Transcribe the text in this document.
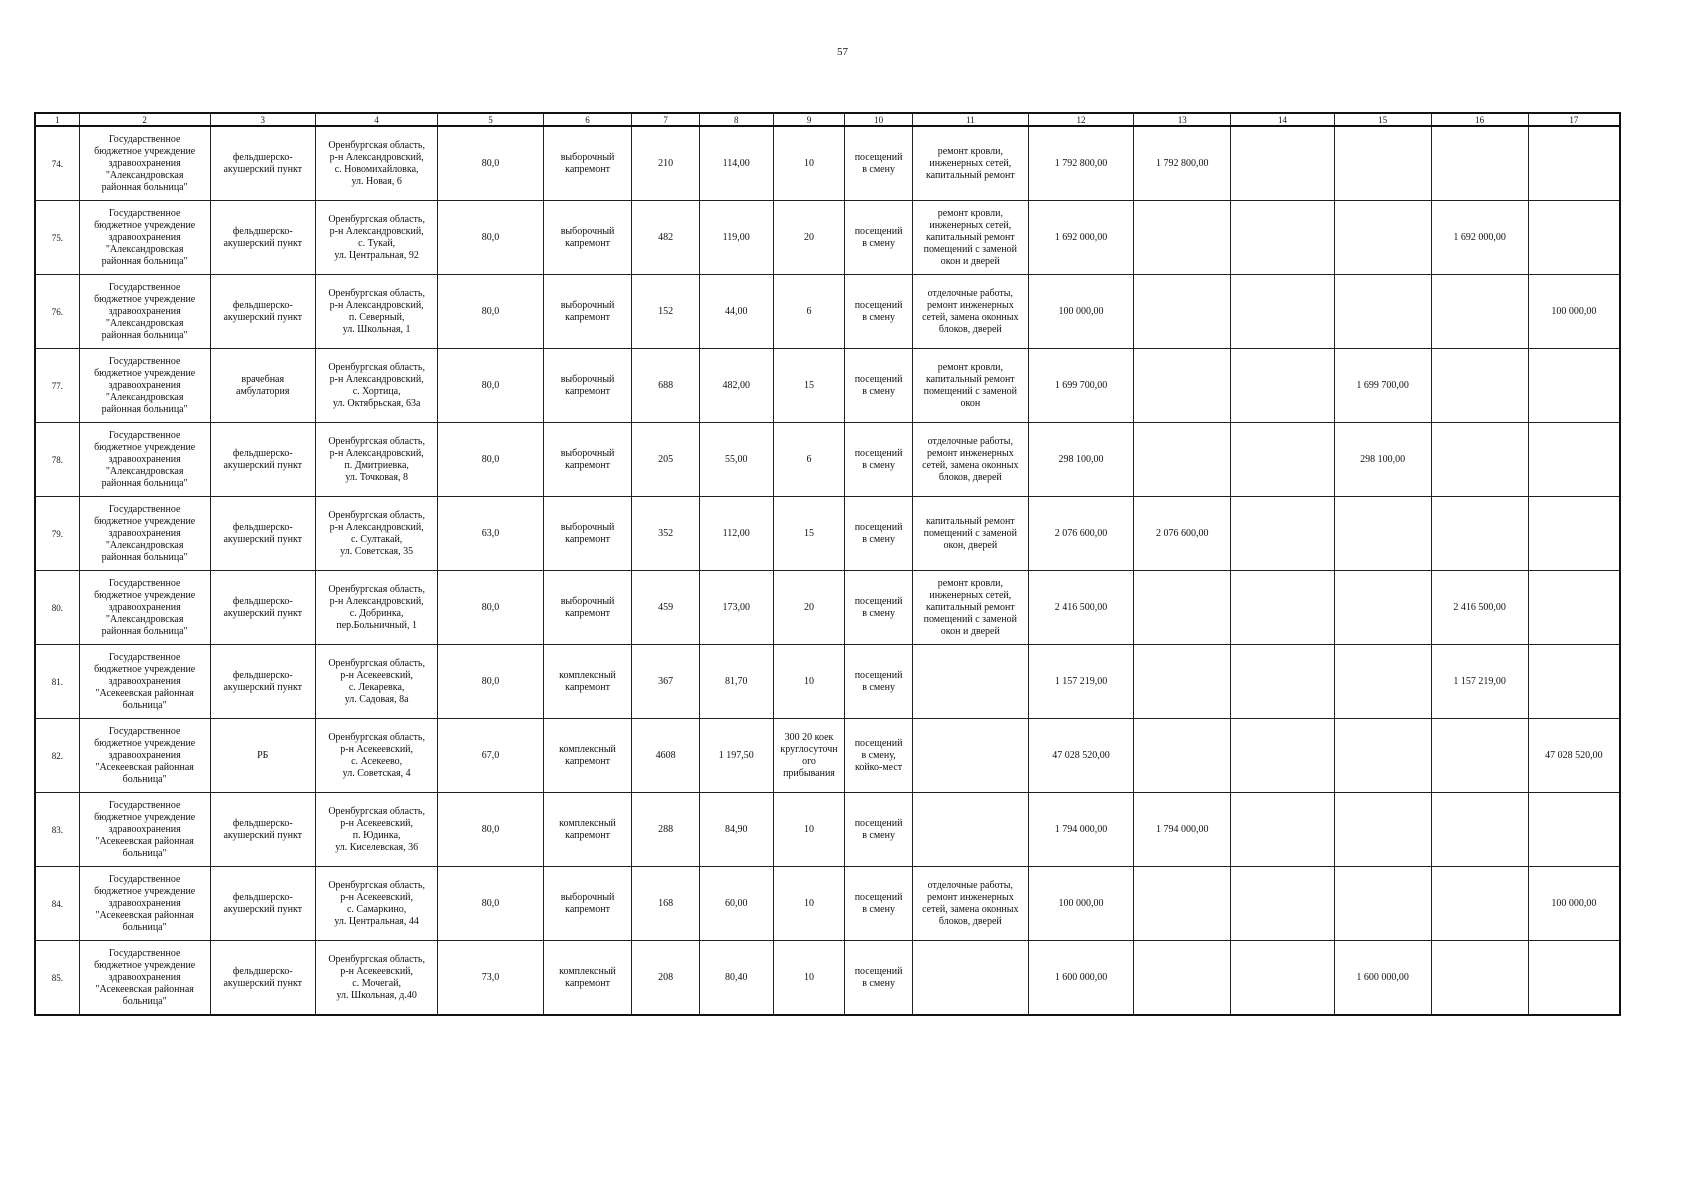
57
1	2	3	4	5	6	7	8	9	10	11	12	13	14	15	16	17
74.	Государственное
бюджетное учреждение
здравоохранения
"Александровская
районная больница"	фельдшерско-
акушерский пункт	Оренбургская область,
р-н Александровский,
с. Новомихайловка,
ул. Новая, 6	80,0	выборочный
капремонт	210	114,00	10	посещений
в смену	ремонт кровли,
инженерных сетей,
капитальный ремонт	1 792 800,00	1 792 800,00				
75.	Государственное
бюджетное учреждение
здравоохранения
"Александровская
районная больница"	фельдшерско-
акушерский пункт	Оренбургская область,
р-н Александровский,
с. Тукай,
ул. Центральная, 92	80,0	выборочный
капремонт	482	119,00	20	посещений
в смену	ремонт кровли,
инженерных сетей,
капитальный ремонт
помещений с заменой
окон и дверей	1 692 000,00				1 692 000,00	
76.	Государственное
бюджетное учреждение
здравоохранения
"Александровская
районная больница"	фельдшерско-
акушерский пункт	Оренбургская область,
р-н Александровский,
п. Северный,
ул. Школьная, 1	80,0	выборочный
капремонт	152	44,00	6	посещений
в смену	отделочные работы,
ремонт инженерных
сетей, замена оконных
блоков, дверей	100 000,00					100 000,00
77.	Государственное
бюджетное учреждение
здравоохранения
"Александровская
районная больница"	врачебная
амбулатория	Оренбургская область,
р-н Александровский,
с. Хортица,
ул. Октябрьская, 63а	80,0	выборочный
капремонт	688	482,00	15	посещений
в смену	ремонт кровли,
капитальный ремонт
помещений с заменой
окон	1 699 700,00			1 699 700,00		
78.	Государственное
бюджетное учреждение
здравоохранения
"Александровская
районная больница"	фельдшерско-
акушерский пункт	Оренбургская область,
р-н Александровский,
п. Дмитриевка,
ул. Точковая, 8	80,0	выборочный
капремонт	205	55,00	6	посещений
в смену	отделочные работы,
ремонт инженерных
сетей, замена оконных
блоков, дверей	298 100,00			298 100,00		
79.	Государственное
бюджетное учреждение
здравоохранения
"Александровская
районная больница"	фельдшерско-
акушерский пункт	Оренбургская область,
р-н Александровский,
с. Султакай,
ул. Советская, 35	63,0	выборочный
капремонт	352	112,00	15	посещений
в смену	капитальный ремонт
помещений с заменой
окон, дверей	2 076 600,00	2 076 600,00				
80.	Государственное
бюджетное учреждение
здравоохранения
"Александровская
районная больница"	фельдшерско-
акушерский пункт	Оренбургская область,
р-н Александровский,
с. Добринка,
пер.Больничный, 1	80,0	выборочный
капремонт	459	173,00	20	посещений
в смену	ремонт кровли,
инженерных сетей,
капитальный ремонт
помещений с заменой
окон и дверей	2 416 500,00				2 416 500,00	
81.	Государственное
бюджетное учреждение
здравоохранения
"Асекеевская районная
больница"	фельдшерско-
акушерский пункт	Оренбургская область,
р-н Асекеевский,
с. Лекаревка,
ул. Садовая, 8а	80,0	комплексный
капремонт	367	81,70	10	посещений
в смену		1 157 219,00				1 157 219,00	
82.	Государственное
бюджетное учреждение
здравоохранения
"Асекеевская районная
больница"	РБ	Оренбургская область,
р-н Асекеевский,
с. Асекеево,
ул. Советская, 4	67,0	комплексный
капремонт	4608	1 197,50	300 20 коек
круглосуточн
ого
прибывания	посещений
в смену,
койко-мест		47 028 520,00					47 028 520,00
83.	Государственное
бюджетное учреждение
здравоохранения
"Асекеевская районная
больница"	фельдшерско-
акушерский пункт	Оренбургская область,
р-н Асекеевский,
п. Юдинка,
ул. Киселевская, 36	80,0	комплексный
капремонт	288	84,90	10	посещений
в смену		1 794 000,00	1 794 000,00				
84.	Государственное
бюджетное учреждение
здравоохранения
"Асекеевская районная
больница"	фельдшерско-
акушерский пункт	Оренбургская область,
р-н Асекеевский,
с. Самаркино,
ул. Центральная, 44	80,0	выборочный
капремонт	168	60,00	10	посещений
в смену	отделочные работы,
ремонт инженерных
сетей, замена оконных
блоков, дверей	100 000,00					100 000,00
85.	Государственное
бюджетное учреждение
здравоохранения
"Асекеевская районная
больница"	фельдшерско-
акушерский пункт	Оренбургская область,
р-н Асекеевский,
с. Мочегай,
ул. Школьная, д.40	73,0	комплексный
капремонт	208	80,40	10	посещений
в смену		1 600 000,00			1 600 000,00		
